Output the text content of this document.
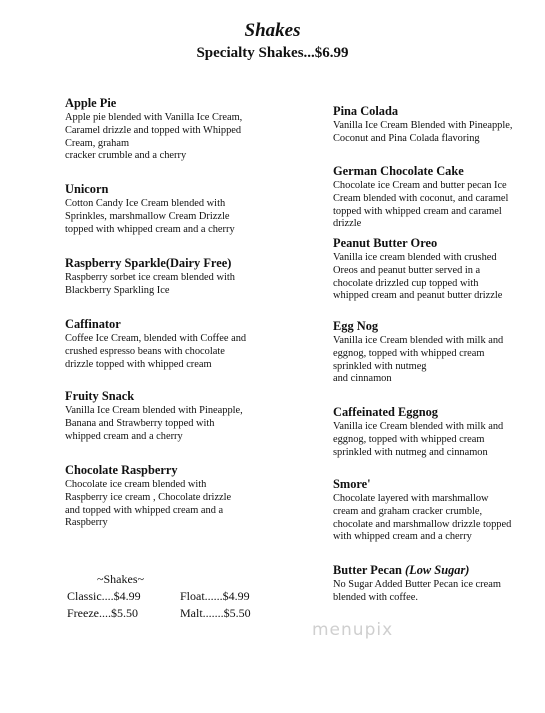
Shakes
Specialty Shakes...$6.99
Apple Pie
Apple pie blended with Vanilla Ice Cream,
Caramel drizzle and topped with Whipped
Cream, graham
cracker crumble and a cherry
Unicorn
Cotton Candy Ice Cream blended with
Sprinkles, marshmallow Cream Drizzle
topped with whipped cream and a cherry
Raspberry Sparkle(Dairy Free)
Raspberry sorbet ice cream blended with
Blackberry Sparkling Ice
Caffinator
Coffee Ice Cream, blended with Coffee and
crushed espresso beans with chocolate
drizzle topped with whipped cream
Fruity Snack
Vanilla Ice Cream blended with Pineapple,
Banana and Strawberry topped with
whipped cream and a cherry
Chocolate Raspberry
Chocolate ice cream blended with
Raspberry ice cream , Chocolate drizzle
and topped with whipped cream and a
Raspberry
Pina Colada
Vanilla Ice Cream Blended with Pineapple,
Coconut and Pina Colada flavoring
German Chocolate Cake
Chocolate ice Cream and butter pecan Ice
Cream blended with coconut, and caramel
topped with whipped cream and caramel
drizzle
Peanut Butter Oreo
Vanilla ice cream blended with crushed
Oreos and peanut butter served in a
chocolate drizzled cup topped with
whipped cream and peanut butter drizzle
Egg Nog
Vanilla ice Cream blended with milk and
eggnog, topped with whipped cream
sprinkled with nutmeg
and cinnamon
Caffeinated Eggnog
Vanilla ice Cream blended with milk and
eggnog, topped with whipped cream
sprinkled with nutmeg and cinnamon
Smore'
Chocolate layered with marshmallow
cream and graham cracker crumble,
chocolate and marshmallow drizzle topped
with whipped cream and a cherry
Butter Pecan (Low Sugar)
No Sugar Added Butter Pecan ice cream
blended with coffee.
~Shakes~
Classic....$4.99	Float......$4.99
Freeze....$5.50	Malt.......$5.50
menupix
